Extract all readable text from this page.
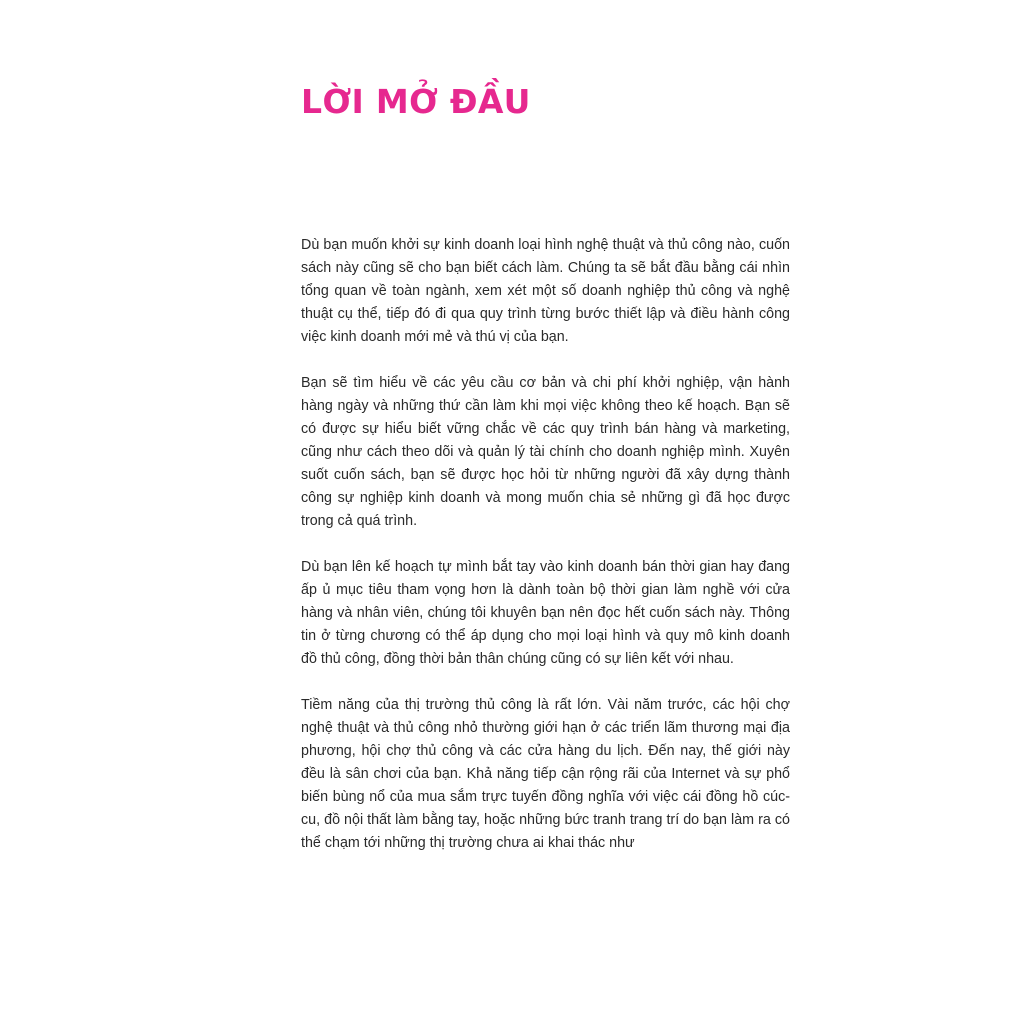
LỜI MỞ ĐẦU

Dù bạn muốn khởi sự kinh doanh loại hình nghệ thuật và thủ công nào, cuốn sách này cũng sẽ cho bạn biết cách làm. Chúng ta sẽ bắt đầu bằng cái nhìn tổng quan về toàn ngành, xem xét một số doanh nghiệp thủ công và nghệ thuật cụ thể, tiếp đó đi qua quy trình từng bước thiết lập và điều hành công việc kinh doanh mới mẻ và thú vị của bạn.

Bạn sẽ tìm hiểu về các yêu cầu cơ bản và chi phí khởi nghiệp, vận hành hàng ngày và những thứ cần làm khi mọi việc không theo kế hoạch. Bạn sẽ có được sự hiểu biết vững chắc về các quy trình bán hàng và marketing, cũng như cách theo dõi và quản lý tài chính cho doanh nghiệp mình. Xuyên suốt cuốn sách, bạn sẽ được học hỏi từ những người đã xây dựng thành công sự nghiệp kinh doanh và mong muốn chia sẻ những gì đã học được trong cả quá trình.

Dù bạn lên kế hoạch tự mình bắt tay vào kinh doanh bán thời gian hay đang ấp ủ mục tiêu tham vọng hơn là dành toàn bộ thời gian làm nghề với cửa hàng và nhân viên, chúng tôi khuyên bạn nên đọc hết cuốn sách này. Thông tin ở từng chương có thể áp dụng cho mọi loại hình và quy mô kinh doanh đồ thủ công, đồng thời bản thân chúng cũng có sự liên kết với nhau.

Tiềm năng của thị trường thủ công là rất lớn. Vài năm trước, các hội chợ nghệ thuật và thủ công nhỏ thường giới hạn ở các triển lãm thương mại địa phương, hội chợ thủ công và các cửa hàng du lịch. Đến nay, thế giới này đều là sân chơi của bạn. Khả năng tiếp cận rộng rãi của Internet và sự phổ biến bùng nổ của mua sắm trực tuyến đồng nghĩa với việc cái đồng hồ cúc-cu, đồ nội thất làm bằng tay, hoặc những bức tranh trang trí do bạn làm ra có thể chạm tới những thị trường chưa ai khai thác như
